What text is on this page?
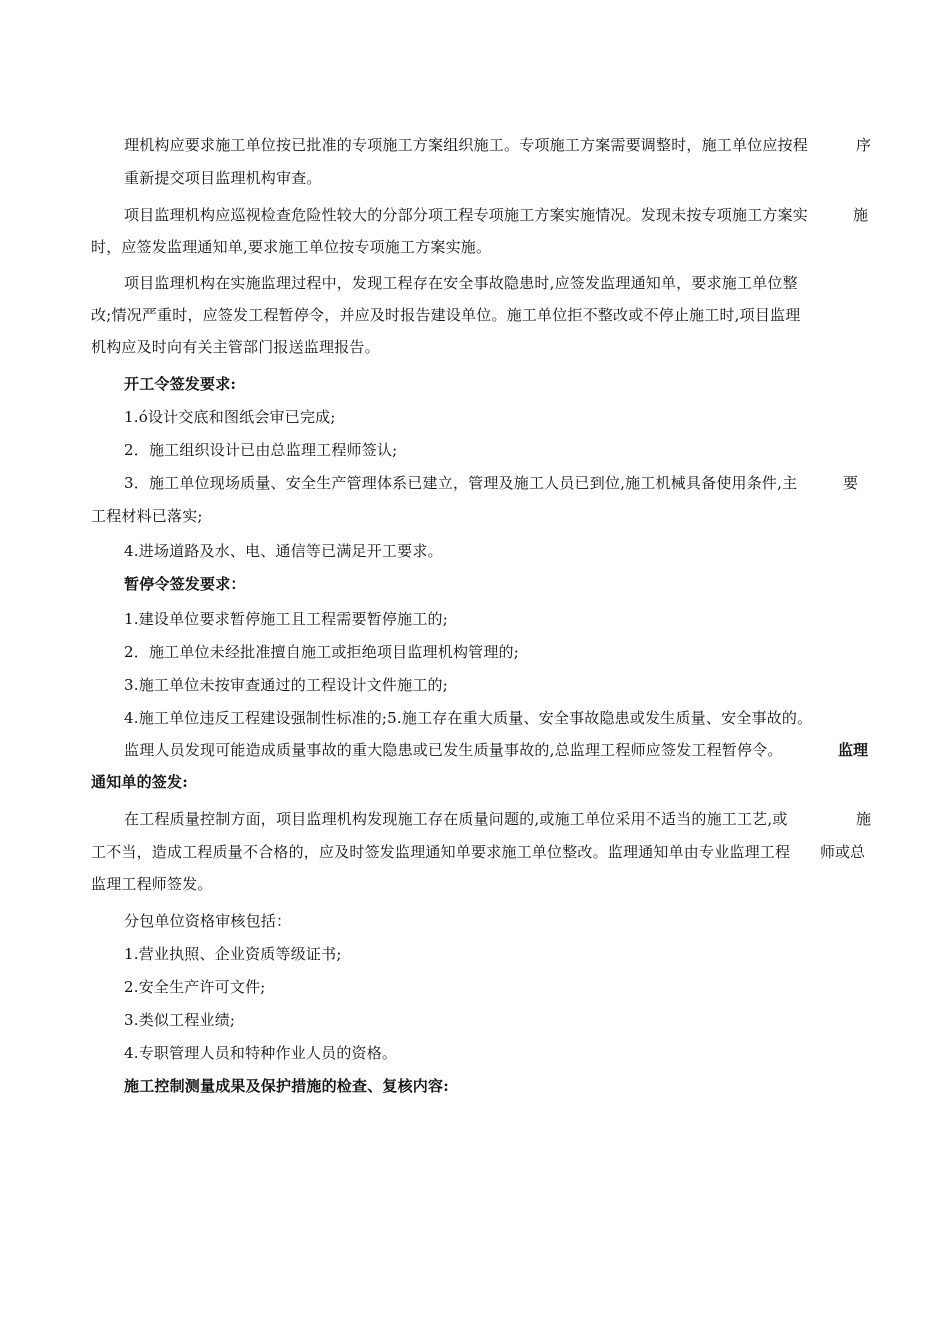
理机构应要求施工单位按已批准的专项施工方案组织施工。专项施工方案需要调整时，施工单位应按程	序
重新提交项目监理机构审查。
项目监理机构应巡视检查危险性较大的分部分项工程专项施工方案实施情况。发现未按专项施工方案实	施
时，应签发监理通知单,要求施工单位按专项施工方案实施。
项目监理机构在实施监理过程中，发现工程存在安全事故隐患时,应签发监理通知单，要求施工单位整
改;情况严重时，应签发工程暂停令，并应及时报告建设单位。施工单位拒不整改或不停止施工时,项目监理
机构应及时向有关主管部门报送监理报告。
开工令签发要求:
1.ó设计交底和图纸会审已完成;
2．施工组织设计已由总监理工程师签认;
3．施工单位现场质量、安全生产管理体系已建立，管理及施工人员已到位,施工机械具备使用条件,主	要
工程材料已落实;
4.进场道路及水、电、通信等已满足开工要求。
暂停令签发要求：
1.建设单位要求暂停施工且工程需要暂停施工的;
2．施工单位未经批准擅自施工或拒绝项目监理机构管理的;
3.施工单位未按审查通过的工程设计文件施工的;
4.施工单位违反工程建设强制性标准的;5.施工存在重大质量、安全事故隐患或发生质量、安全事故的。
监理人员发现可能造成质量事故的重大隐患或已发生质量事故的,总监理工程师应签发工程暂停令。	监理
通知单的签发:
在工程质量控制方面，项目监理机构发现施工存在质量问题的,或施工单位采用不适当的施工工艺,或	施
工不当，造成工程质量不合格的，应及时签发监理通知单要求施工单位整改。监理通知单由专业监理工程 师或总
监理工程师签发。
分包单位资格审核包括：
1.营业执照、企业资质等级证书;
2.安全生产许可文件;
3.类似工程业绩;
4.专职管理人员和特种作业人员的资格。
施工控制测量成果及保护措施的检查、复核内容:
